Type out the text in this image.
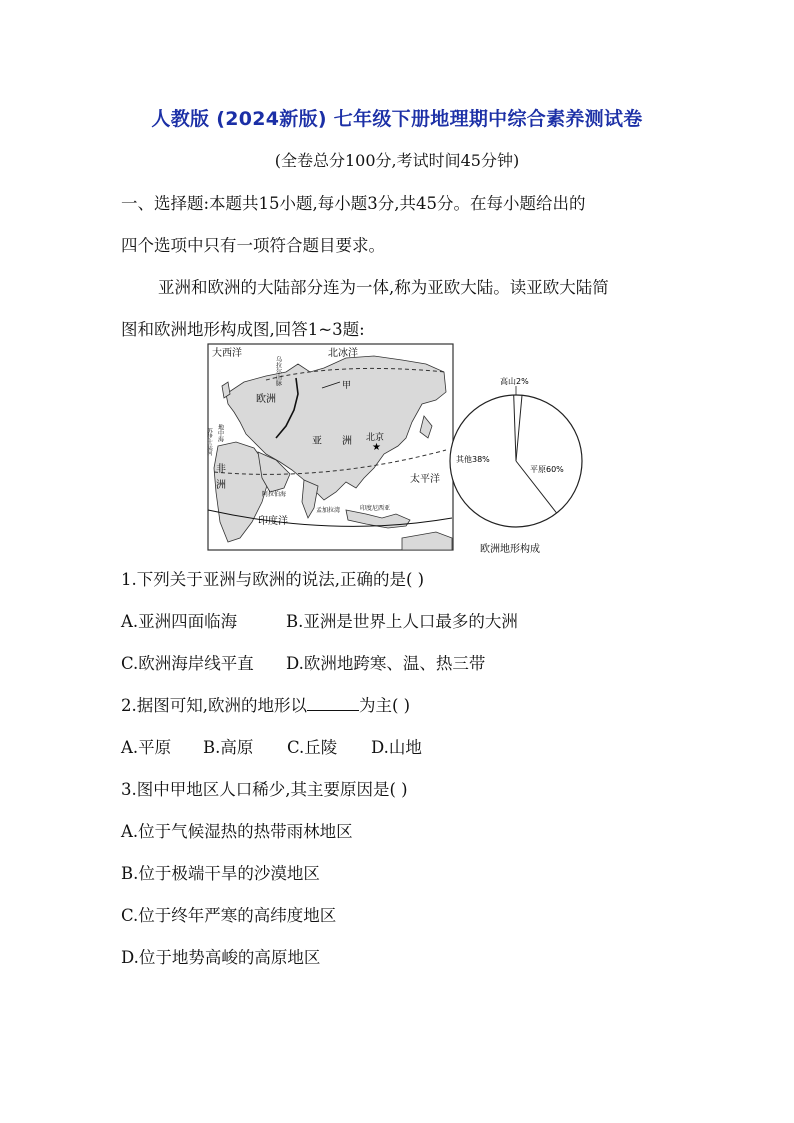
人教版 (2024新版) 七年级下册地理期中综合素养测试卷
(全卷总分100分,考试时间45分钟)
一、选择题:本题共15小题,每小题3分,共45分。在每小题给出的
四个选项中只有一项符合题目要求。
亚洲和欧洲的大陆部分连为一体,称为亚欧大陆。读亚欧大陆简
图和欧洲地形构成图,回答1~3题:
★
大西洋	北冰洋
乌拉尔山脉	甲
欧洲
亚 洲 北京
地中海
苏伊士运河
非
洲
阿拉伯海
孟加拉湾
太平洋
印度洋
印度尼西亚
高山2%
其他38%
平原60%
欧洲地形构成
1.下列关于亚洲与欧洲的说法,正确的是( )
A.亚洲四面临海	B.亚洲是世界上人口最多的大洲
C.欧洲海岸线平直 D.欧洲地跨寒、温、热三带
2.据图可知,欧洲的地形以	为主( )
A.平原 B.高原 C.丘陵 D.山地
3.图中甲地区人口稀少,其主要原因是( )
A.位于气候湿热的热带雨林地区
B.位于极端干旱的沙漠地区
C.位于终年严寒的高纬度地区
D.位于地势高峻的高原地区
